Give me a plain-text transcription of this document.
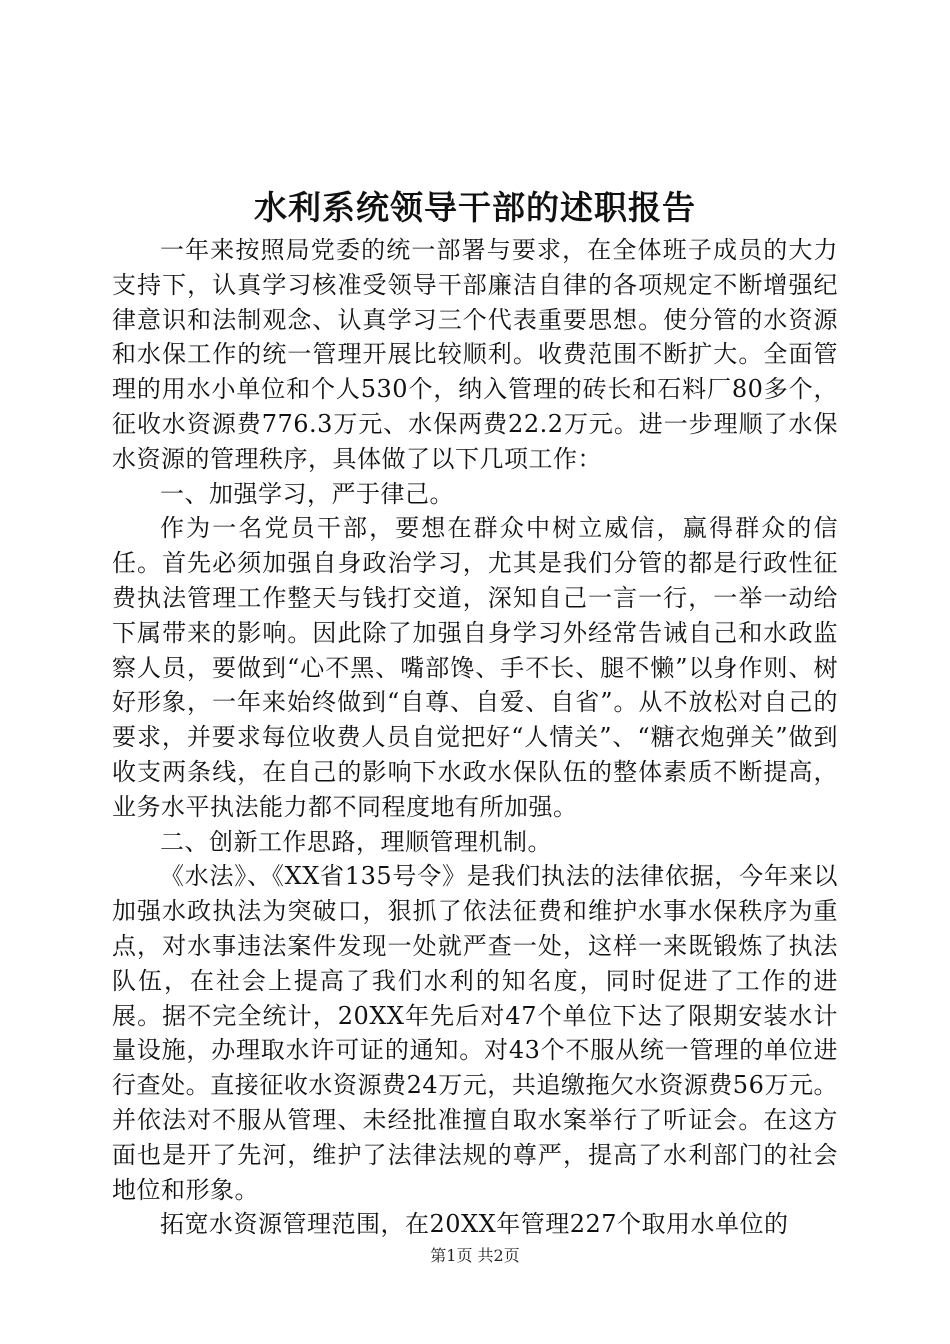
水利系统领导干部的述职报告

一年来按照局党委的统一部署与要求，在全体班子成员的大力支持下，认真学习核准受领导干部廉洁自律的各项规定不断增强纪律意识和法制观念、认真学习三个代表重要思想。使分管的水资源和水保工作的统一管理开展比较顺利。收费范围不断扩大。全面管理的用水小单位和个人530个，纳入管理的砖长和石料厂80多个，征收水资源费776.3万元、水保两费22.2万元。进一步理顺了水保水资源的管理秩序，具体做了以下几项工作：

一、加强学习，严于律己。

作为一名党员干部，要想在群众中树立威信，赢得群众的信任。首先必须加强自身政治学习，尤其是我们分管的都是行政性征费执法管理工作整天与钱打交道，深知自己一言一行，一举一动给下属带来的影响。因此除了加强自身学习外经常告诫自己和水政监察人员，要做到“心不黑、嘴部馋、手不长、腿不懒”以身作则、树好形象，一年来始终做到“自尊、自爱、自省”。从不放松对自己的要求，并要求每位收费人员自觉把好“人情关”、“糖衣炮弹关”做到收支两条线，在自己的影响下水政水保队伍的整体素质不断提高，业务水平执法能力都不同程度地有所加强。

二、创新工作思路，理顺管理机制。

《水法》、《XX省135号令》是我们执法的法律依据，今年来以加强水政执法为突破口，狠抓了依法征费和维护水事水保秩序为重点，对水事违法案件发现一处就严查一处，这样一来既锻炼了执法队伍，在社会上提高了我们水利的知名度，同时促进了工作的进展。据不完全统计，20XX年先后对47个单位下达了限期安装水计量设施，办理取水许可证的通知。对43个不服从统一管理的单位进行查处。直接征收水资源费24万元，共追缴拖欠水资源费56万元。并依法对不服从管理、未经批准擅自取水案举行了听证会。在这方面也是开了先河，维护了法律法规的尊严，提高了水利部门的社会地位和形象。

拓宽水资源管理范围，在20XX年管理227个取用水单位的

第1页 共2页
